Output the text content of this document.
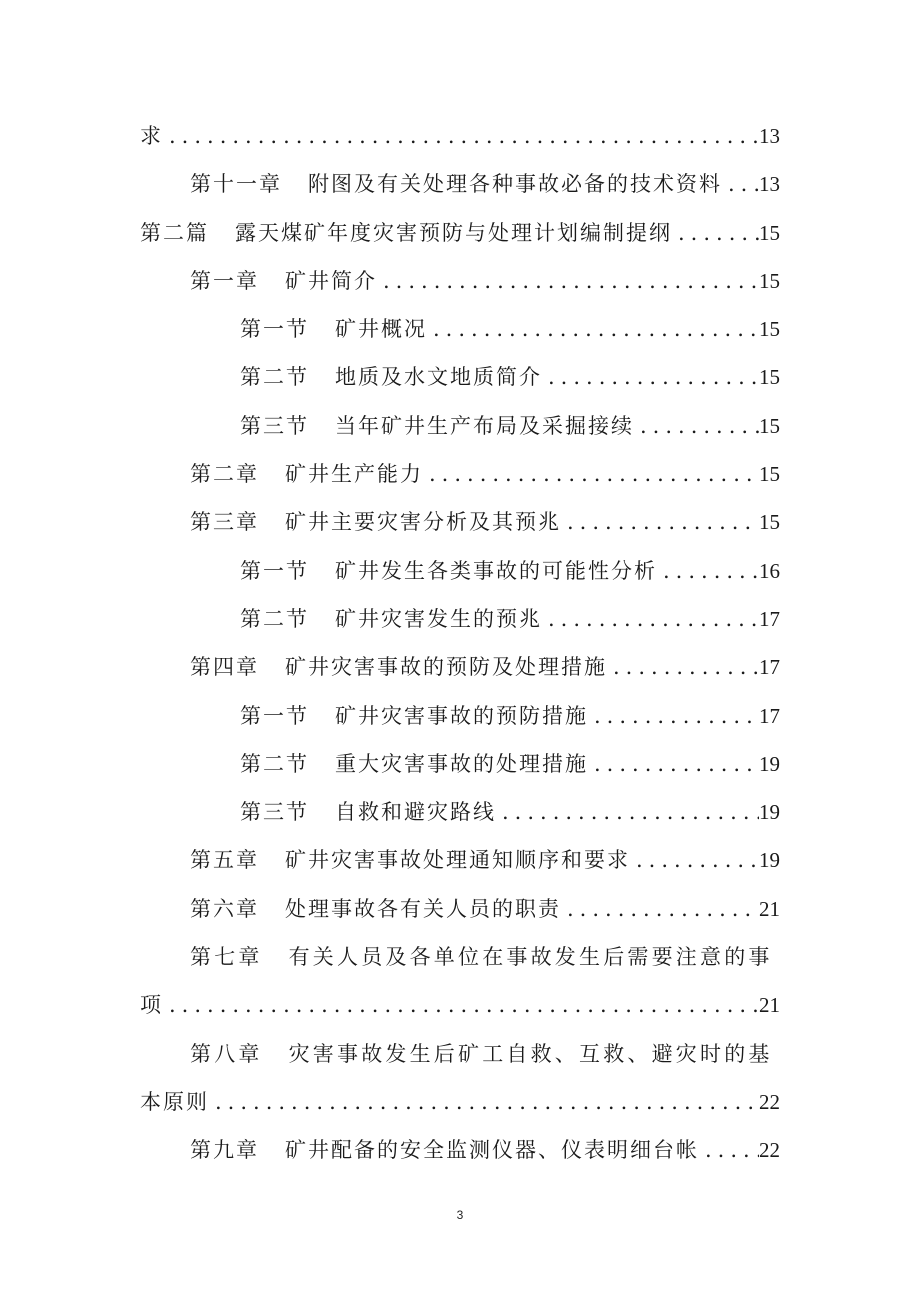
求 .....	13
第十一章 附图及有关处理各种事故必备的技术资料 ..... 13
第二篇 露天煤矿年度灾害预防与处理计划编制提纲 .....	15
第一章 矿井简介 .....	15
第一节 矿井概况 .....	15
第二节 地质及水文地质简介 .....	15
第三节 当年矿井生产布局及采掘接续 .....	15
第二章 矿井生产能力 .....	15
第三章 矿井主要灾害分析及其预兆 .....	15
第一节 矿井发生各类事故的可能性分析 .....	16
第二节 矿井灾害发生的预兆 .....	17
第四章 矿井灾害事故的预防及处理措施 .....	17
第一节 矿井灾害事故的预防措施 .....	17
第二节 重大灾害事故的处理措施 .....	19
第三节 自救和避灾路线 .....	19
第五章 矿井灾害事故处理通知顺序和要求 .....	19
第六章 处理事故各有关人员的职责 .....	21
第七章 有关人员及各单位在事故发生后需要注意的事
项 .....	21
第八章 灾害事故发生后矿工自救、互救、避灾时的基
本原则 .....	22
第九章 矿井配备的安全监测仪器、仪表明细台帐 .....	22
3
